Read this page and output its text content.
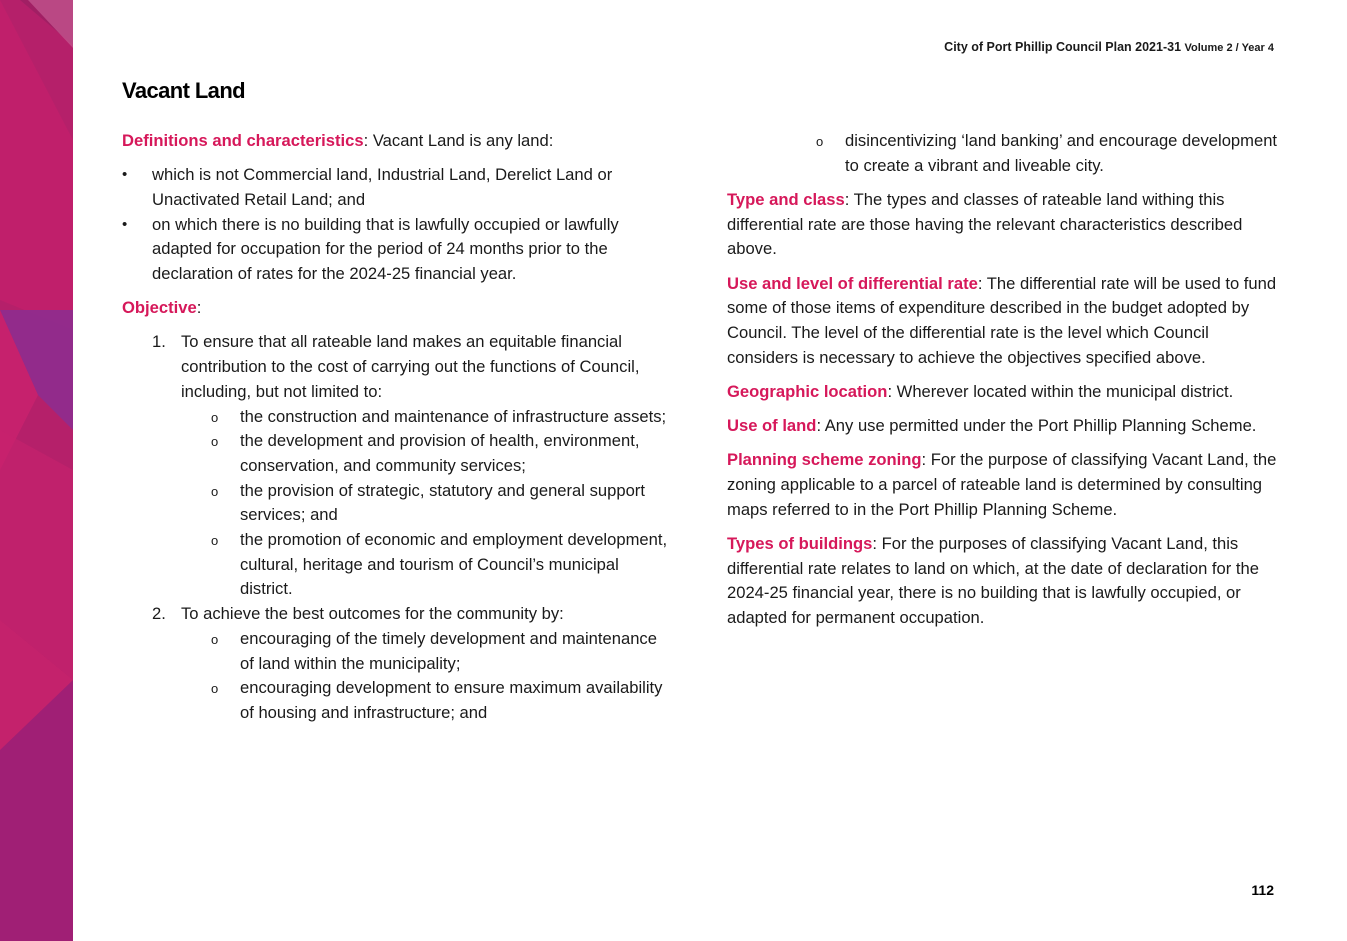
City of Port Phillip Council Plan 2021-31 Volume 2 / Year 4
Vacant Land

Definitions and characteristics: Vacant Land is any land:

• which is not Commercial land, Industrial Land, Derelict Land or Unactivated Retail Land; and
• on which there is no building that is lawfully occupied or lawfully adapted for occupation for the period of 24 months prior to the declaration of rates for the 2024-25 financial year.

Objective:

1. To ensure that all rateable land makes an equitable financial contribution to the cost of carrying out the functions of Council, including, but not limited to:
o the construction and maintenance of infrastructure assets;
o the development and provision of health, environment, conservation, and community services;
o the provision of strategic, statutory and general support services; and
o the promotion of economic and employment development, cultural, heritage and tourism of Council’s municipal district.
2. To achieve the best outcomes for the community by:
o encouraging of the timely development and maintenance of land within the municipality;
o encouraging development to ensure maximum availability of housing and infrastructure; and
o disincentivizing ‘land banking’ and encourage development to create a vibrant and liveable city.

Type and class: The types and classes of rateable land withing this differential rate are those having the relevant characteristics described above.

Use and level of differential rate: The differential rate will be used to fund some of those items of expenditure described in the budget adopted by Council. The level of the differential rate is the level which Council considers is necessary to achieve the objectives specified above.

Geographic location: Wherever located within the municipal district.

Use of land: Any use permitted under the Port Phillip Planning Scheme.

Planning scheme zoning: For the purpose of classifying Vacant Land, the zoning applicable to a parcel of rateable land is determined by consulting maps referred to in the Port Phillip Planning Scheme.

Types of buildings: For the purposes of classifying Vacant Land, this differential rate relates to land on which, at the date of declaration for the 2024-25 financial year, there is no building that is lawfully occupied, or adapted for permanent occupation.

112
